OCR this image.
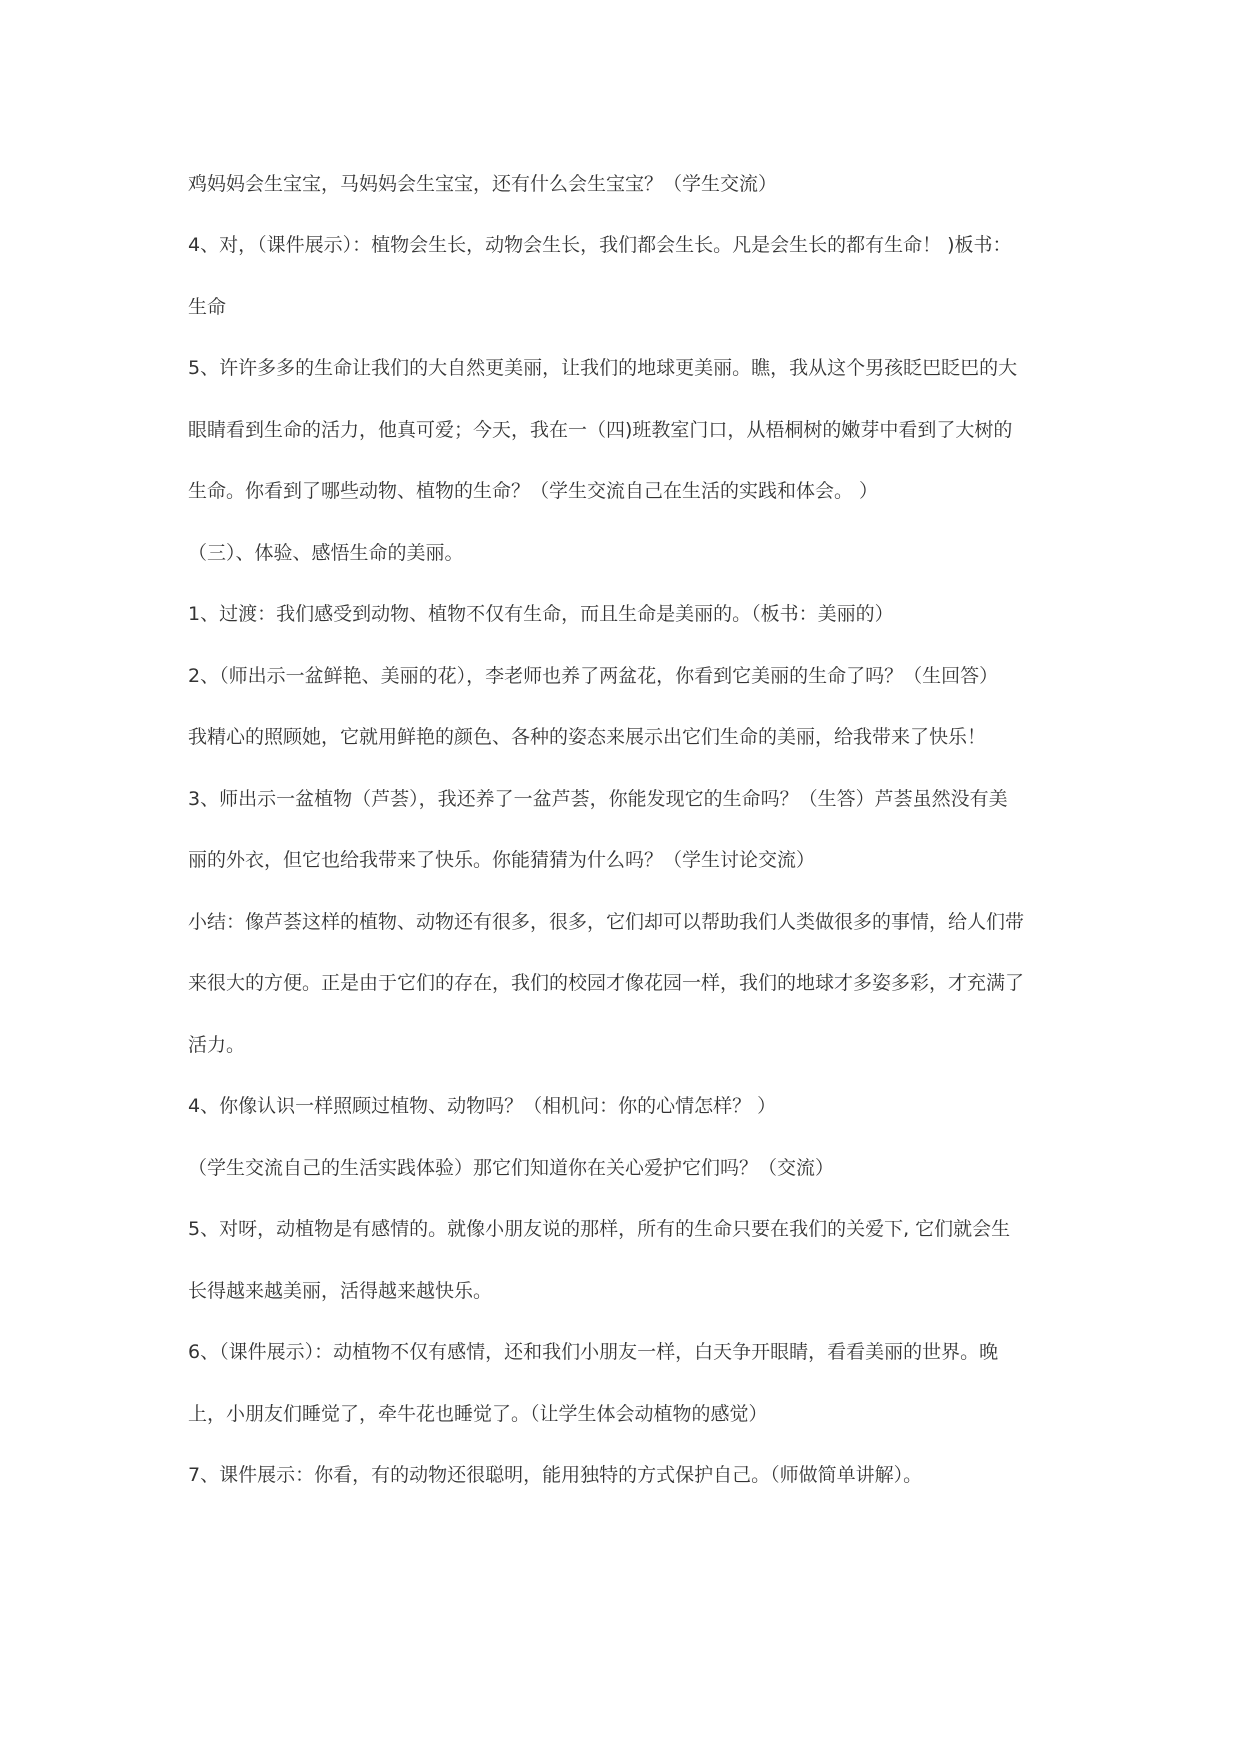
鸡妈妈会生宝宝，马妈妈会生宝宝，还有什么会生宝宝？（学生交流）
4、对，（课件展示）：植物会生长，动物会生长，我们都会生长。凡是会生长的都有生命！ )板书：
生命
5、许许多多的生命让我们的大自然更美丽，让我们的地球更美丽。瞧，我从这个男孩眨巴眨巴的大
眼睛看到生命的活力，他真可爱；今天，我在一（四)班教室门口，从梧桐树的嫩芽中看到了大树的
生命。你看到了哪些动物、植物的生命？（学生交流自己在生活的实践和体会。 ）
（三）、体验、感悟生命的美丽。
1、过渡：我们感受到动物、植物不仅有生命，而且生命是美丽的。（板书：美丽的）
2、（师出示一盆鲜艳、美丽的花），李老师也养了两盆花，你看到它美丽的生命了吗？（生回答）
我精心的照顾她，它就用鲜艳的颜色、各种的姿态来展示出它们生命的美丽，给我带来了快乐！
3、师出示一盆植物（芦荟），我还养了一盆芦荟，你能发现它的生命吗？（生答）芦荟虽然没有美
丽的外衣，但它也给我带来了快乐。你能猜猜为什么吗？（学生讨论交流）
小结：像芦荟这样的植物、动物还有很多，很多，它们却可以帮助我们人类做很多的事情，给人们带
来很大的方便。正是由于它们的存在，我们的校园才像花园一样，我们的地球才多姿多彩，才充满了
活力。
4、你像认识一样照顾过植物、动物吗？（相机问：你的心情怎样？ ）
（学生交流自己的生活实践体验）那它们知道你在关心爱护它们吗？（交流）
5、对呀，动植物是有感情的。就像小朋友说的那样，所有的生命只要在我们的关爱下, 它们就会生
长得越来越美丽，活得越来越快乐。
6、（课件展示）：动植物不仅有感情，还和我们小朋友一样，白天争开眼睛，看看美丽的世界。晚
上，小朋友们睡觉了，牵牛花也睡觉了。（让学生体会动植物的感觉）
7、课件展示：你看，有的动物还很聪明，能用独特的方式保护自己。（师做简单讲解）。
